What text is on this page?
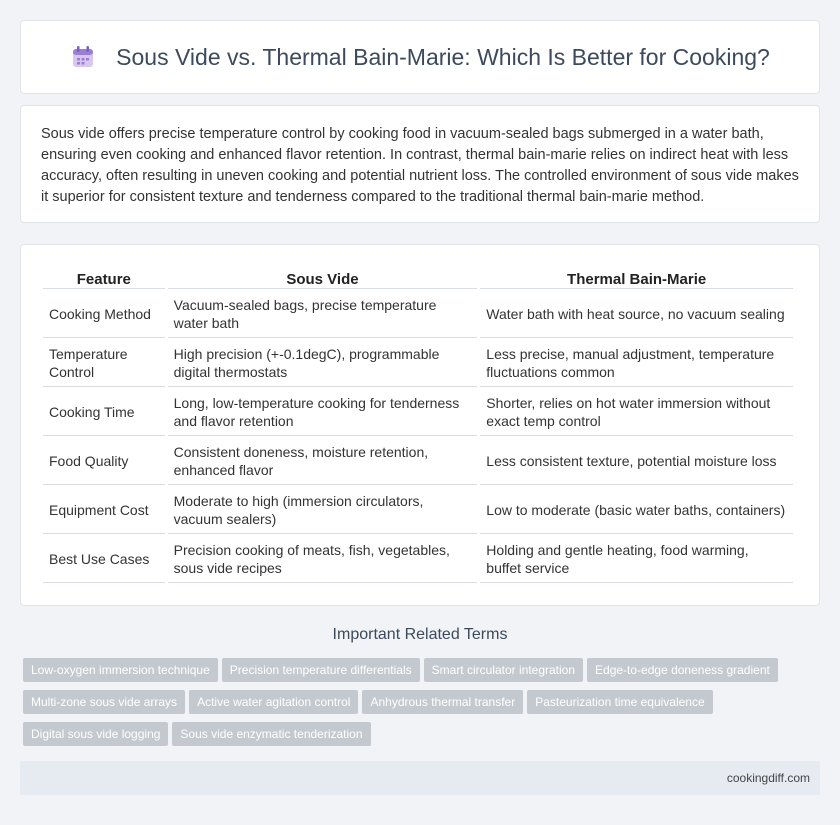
Sous Vide vs. Thermal Bain-Marie: Which Is Better for Cooking?

Sous vide offers precise temperature control by cooking food in vacuum-sealed bags submerged in a water bath, ensuring even cooking and enhanced flavor retention. In contrast, thermal bain-marie relies on indirect heat with less accuracy, often resulting in uneven cooking and potential nutrient loss. The controlled environment of sous vide makes it superior for consistent texture and tenderness compared to the traditional thermal bain-marie method.

Feature	Sous Vide	Thermal Bain-Marie
Cooking Method	Vacuum-sealed bags, precise temperature water bath	Water bath with heat source, no vacuum sealing
Temperature Control	High precision (+-0.1degC), programmable digital thermostats	Less precise, manual adjustment, temperature fluctuations common
Cooking Time	Long, low-temperature cooking for tenderness and flavor retention	Shorter, relies on hot water immersion without exact temp control
Food Quality	Consistent doneness, moisture retention, enhanced flavor	Less consistent texture, potential moisture loss
Equipment Cost	Moderate to high (immersion circulators, vacuum sealers)	Low to moderate (basic water baths, containers)
Best Use Cases	Precision cooking of meats, fish, vegetables, sous vide recipes	Holding and gentle heating, food warming, buffet service
Important Related Terms
Low-oxygen immersion technique Precision temperature differentials Smart circulator integration Edge-to-edge doneness gradient
Multi-zone sous vide arrays Active water agitation control Anhydrous thermal transfer Pasteurization time equivalence
Digital sous vide logging Sous vide enzymatic tenderization
cookingdiff.com
